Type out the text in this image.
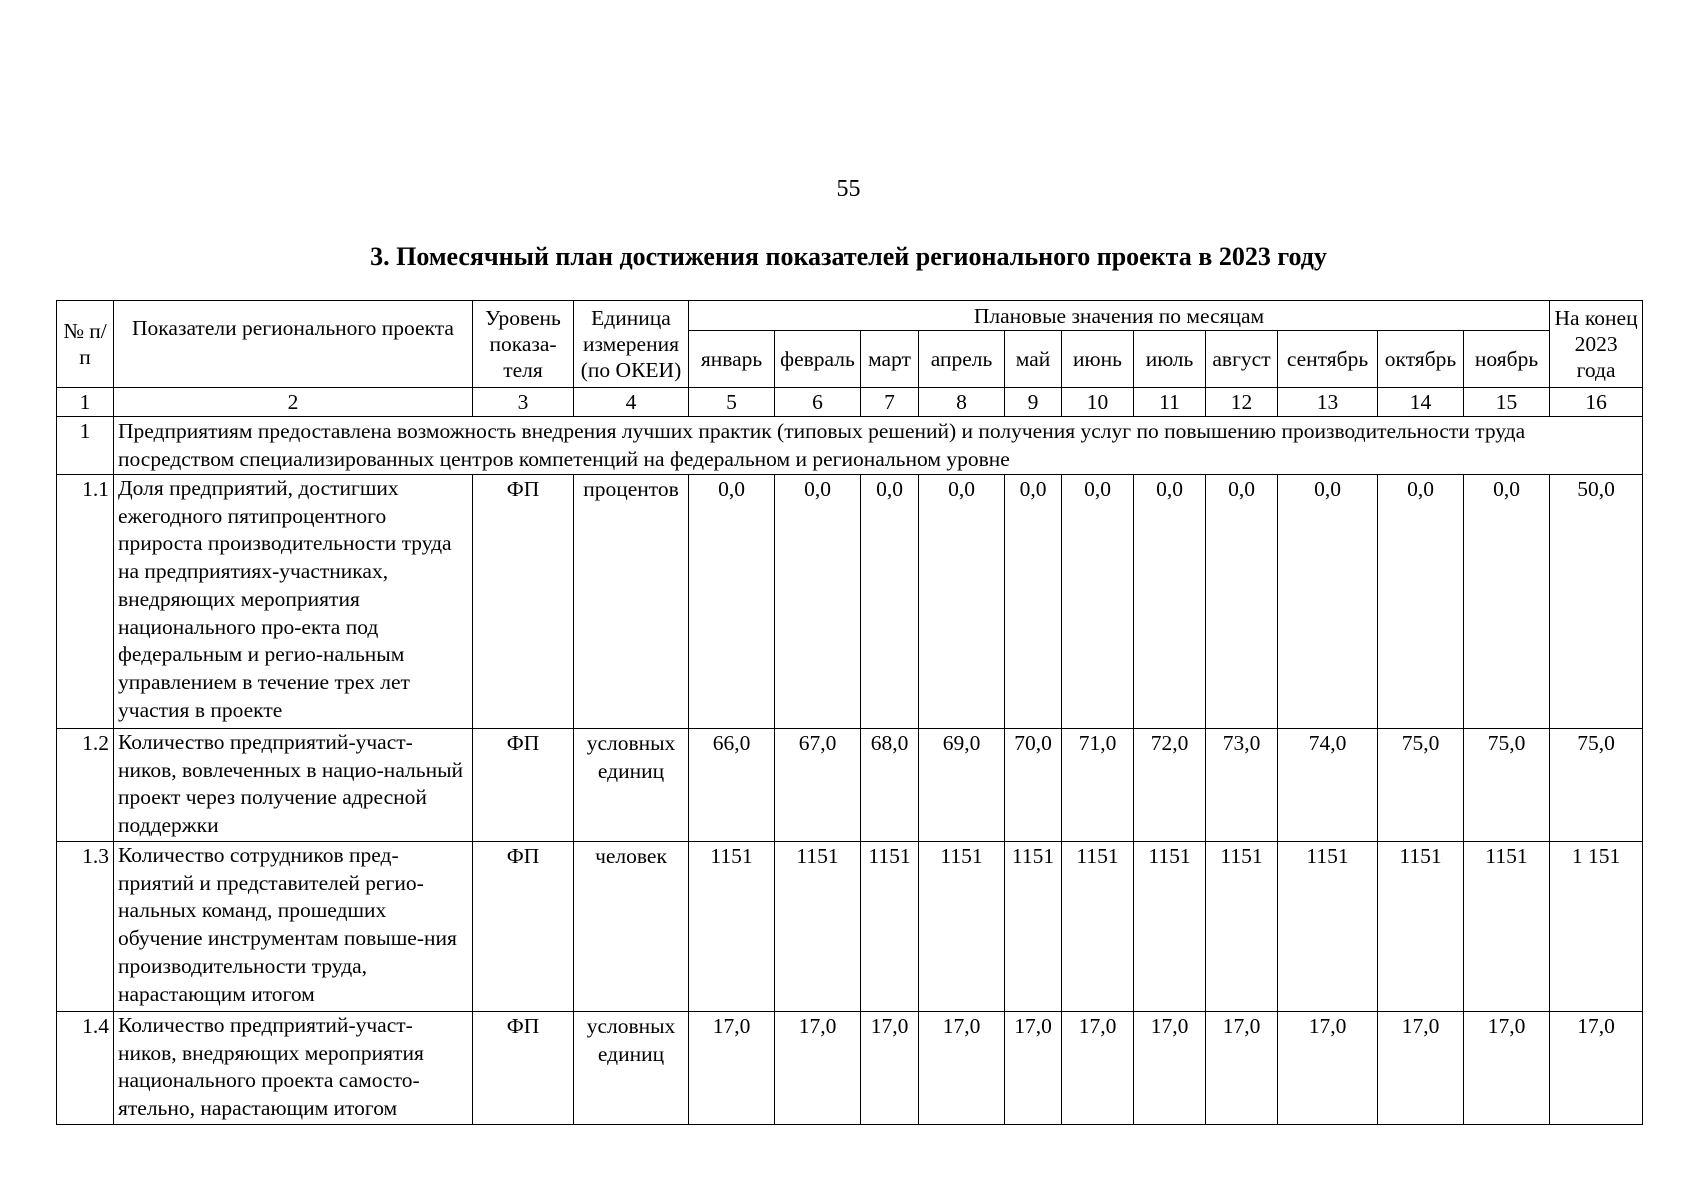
55
3. Помесячный план достижения показателей регионального проекта в 2023 году
№ п/п	Показатели регионального проекта	Уровень показа-теля	Единица измерения (по ОКЕИ)	Плановые значения по месяцам											На конец 2023 года
				январь	февраль	март	апрель	май	июнь	июль	август	сентябрь	октябрь	ноябрь	
1	2	3	4	5	6	7	8	9	10	11	12	13	14	15	16
1	Предприятиям предоставлена возможность внедрения лучших практик (типовых решений) и получения услуг по повышению производительности труда посредством специализированных центров компетенций на федеральном и региональном уровне														
1.1	Доля предприятий, достигших ежегодного пятипроцентного прироста производительности труда на предприятиях-участниках, внедряющих мероприятия национального про-екта под федеральным и регио-нальным управлением в течение трех лет участия в проекте	ФП	процентов	0,0	0,0	0,0	0,0	0,0	0,0	0,0	0,0	0,0	0,0	0,0	50,0
1.2	Количество предприятий-участ-ников, вовлеченных в нацио-нальный проект через получение адресной поддержки	ФП	условных единиц	66,0	67,0	68,0	69,0	70,0	71,0	72,0	73,0	74,0	75,0	75,0	75,0
1.3	Количество сотрудников пред-приятий и представителей регио-нальных команд, прошедших обучение инструментам повыше-ния производительности труда, нарастающим итогом	ФП	человек	1151	1151	1151	1151	1151	1151	1151	1151	1151	1151	1151	1 151
1.4	Количество предприятий-участ-ников, внедряющих мероприятия национального проекта самосто-ятельно, нарастающим итогом	ФП	условных единиц	17,0	17,0	17,0	17,0	17,0	17,0	17,0	17,0	17,0	17,0	17,0	17,0
